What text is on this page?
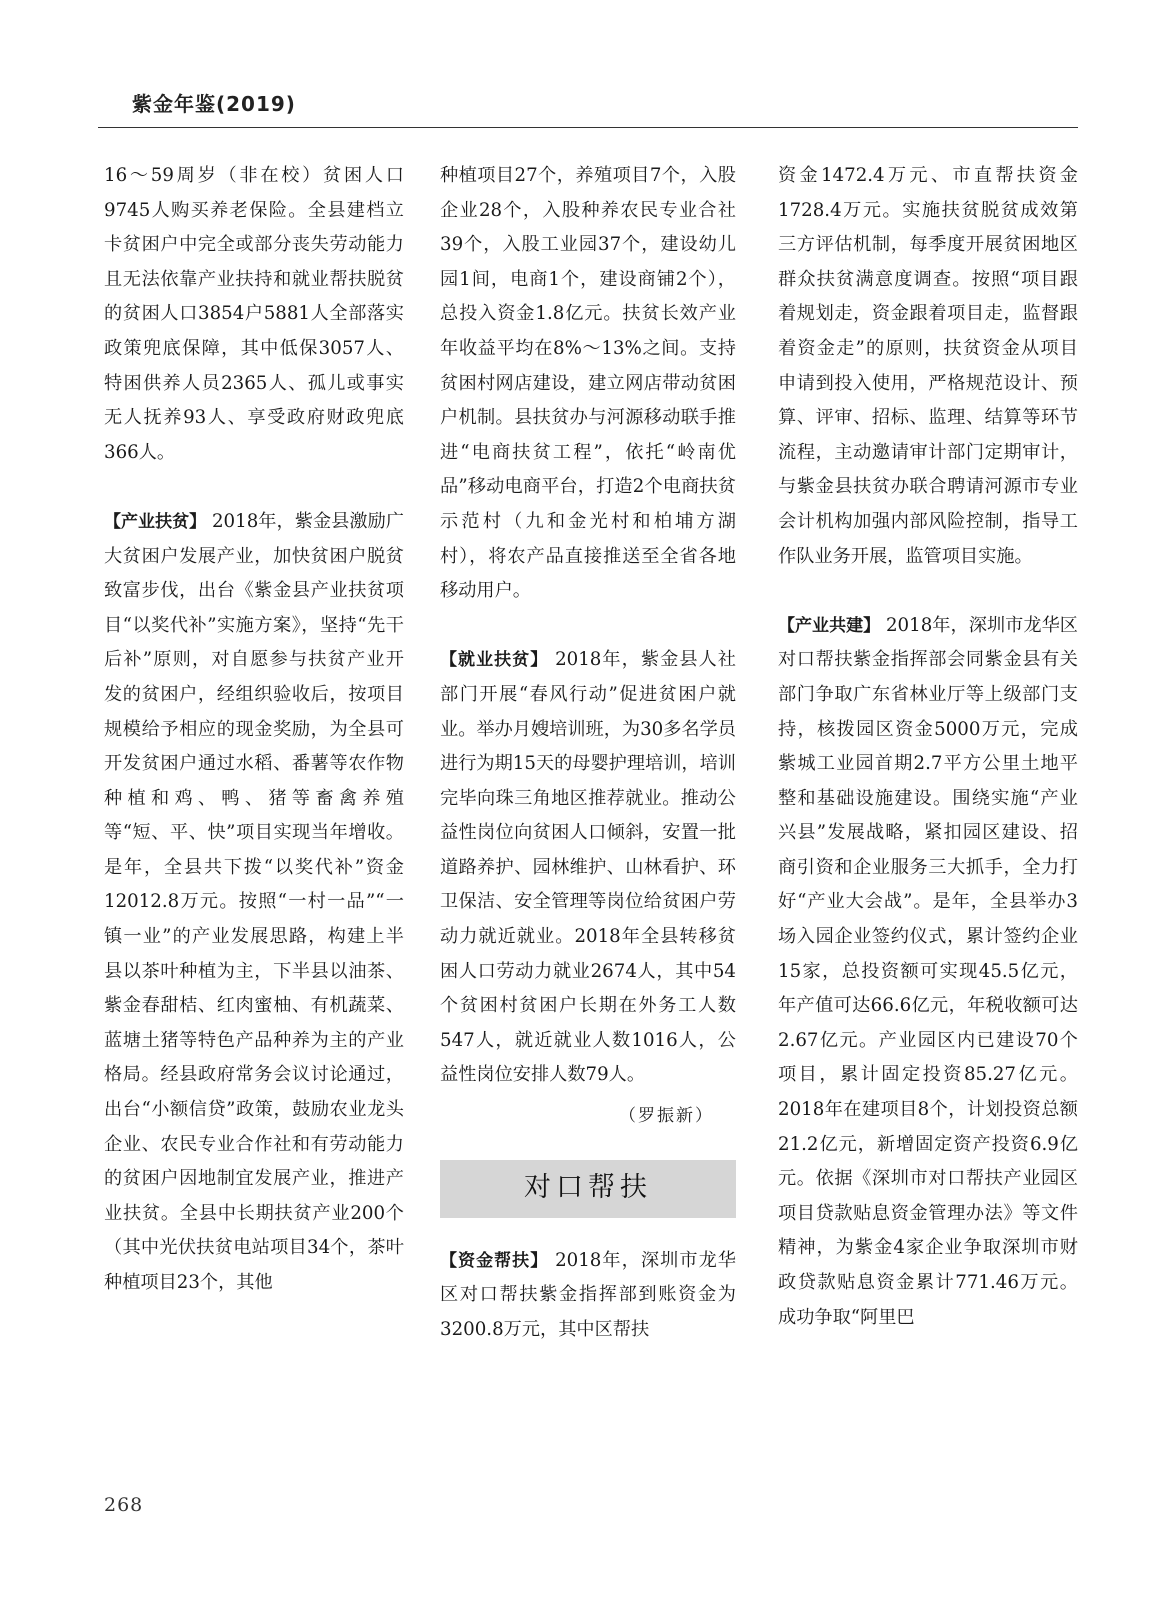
紫金年鉴(2019)

16～59周岁（非在校）贫困人口9745人购买养老保险。全县建档立卡贫困户中完全或部分丧失劳动能力且无法依靠产业扶持和就业帮扶脱贫的贫困人口3854户5881人全部落实政策兜底保障，其中低保3057人、特困供养人员2365人、孤儿或事实无人抚养93人、享受政府财政兜底366人。

【产业扶贫】 2018年，紫金县激励广大贫困户发展产业，加快贫困户脱贫致富步伐，出台《紫金县产业扶贫项目“以奖代补”实施方案》，坚持“先干后补”原则，对自愿参与扶贫产业开发的贫困户，经组织验收后，按项目规模给予相应的现金奖励，为全县可开发贫困户通过水稻、番薯等农作物种植和鸡、鸭、猪等畜禽养殖等“短、平、快”项目实现当年增收。是年，全县共下拨“以奖代补”资金12012.8万元。按照“一村一品”“一镇一业”的产业发展思路，构建上半县以茶叶种植为主，下半县以油茶、紫金春甜桔、红肉蜜柚、有机蔬菜、蓝塘土猪等特色产品种养为主的产业格局。经县政府常务会议讨论通过，出台“小额信贷”政策，鼓励农业龙头企业、农民专业合作社和有劳动能力的贫困户因地制宜发展产业，推进产业扶贫。全县中长期扶贫产业200个（其中光伏扶贫电站项目34个，茶叶种植项目23个，其他

种植项目27个，养殖项目7个，入股企业28个，入股种养农民专业合社39个，入股工业园37个，建设幼儿园1间，电商1个，建设商铺2个），总投入资金1.8亿元。扶贫长效产业年收益平均在8%～13%之间。支持贫困村网店建设，建立网店带动贫困户机制。县扶贫办与河源移动联手推进“电商扶贫工程”，依托“岭南优品”移动电商平台，打造2个电商扶贫示范村（九和金光村和柏埔方湖村），将农产品直接推送至全省各地移动用户。

【就业扶贫】 2018年，紫金县人社部门开展“春风行动”促进贫困户就业。举办月嫂培训班，为30多名学员进行为期15天的母婴护理培训，培训完毕向珠三角地区推荐就业。推动公益性岗位向贫困人口倾斜，安置一批道路养护、园林维护、山林看护、环卫保洁、安全管理等岗位给贫困户劳动力就近就业。2018年全县转移贫困人口劳动力就业2674人，其中54个贫困村贫困户长期在外务工人数547人，就近就业人数1016人，公益性岗位安排人数79人。

（罗振新）

对口帮扶

【资金帮扶】 2018年，深圳市龙华区对口帮扶紫金指挥部到账资金为3200.8万元，其中区帮扶

资金1472.4万元、市直帮扶资金1728.4万元。实施扶贫脱贫成效第三方评估机制，每季度开展贫困地区群众扶贫满意度调查。按照“项目跟着规划走，资金跟着项目走，监督跟着资金走”的原则，扶贫资金从项目申请到投入使用，严格规范设计、预算、评审、招标、监理、结算等环节流程，主动邀请审计部门定期审计，与紫金县扶贫办联合聘请河源市专业会计机构加强内部风险控制，指导工作队业务开展，监管项目实施。

【产业共建】 2018年，深圳市龙华区对口帮扶紫金指挥部会同紫金县有关部门争取广东省林业厅等上级部门支持，核拨园区资金5000万元，完成紫城工业园首期2.7平方公里土地平整和基础设施建设。围绕实施“产业兴县”发展战略，紧扣园区建设、招商引资和企业服务三大抓手，全力打好“产业大会战”。是年，全县举办3场入园企业签约仪式，累计签约企业15家，总投资额可实现45.5亿元，年产值可达66.6亿元，年税收额可达2.67亿元。产业园区内已建设70个项目，累计固定投资85.27亿元。2018年在建项目8个，计划投资总额21.2亿元，新增固定资产投资6.9亿元。依据《深圳市对口帮扶产业园区项目贷款贴息资金管理办法》等文件精神，为紫金4家企业争取深圳市财政贷款贴息资金累计771.46万元。成功争取“阿里巴

268
